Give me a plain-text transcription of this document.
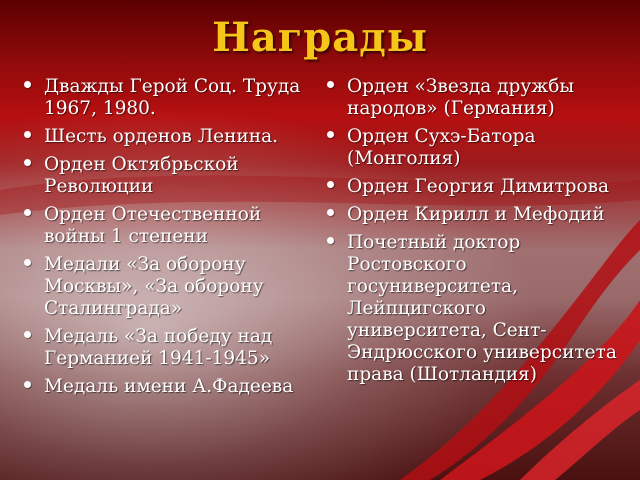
Награды
Дважды Герой Соц. Труда 1967, 1980.
Шесть орденов Ленина.
Орден Октябрьской Революции
Орден Отечественной войны 1 степени
Медали «За оборону Москвы», «За оборону Сталинграда»
Медаль «За победу над Германией 1941-1945»
Медаль имени А.Фадеева
Орден «Звезда дружбы народов» (Германия)
Орден Сухэ-Батора (Монголия)
Орден Георгия Димитрова
Орден Кирилл и Мефодий
Почетный доктор Ростовского госуниверситета, Лейпцигского университета, Сент-Эндрюсского университета права (Шотландия)
